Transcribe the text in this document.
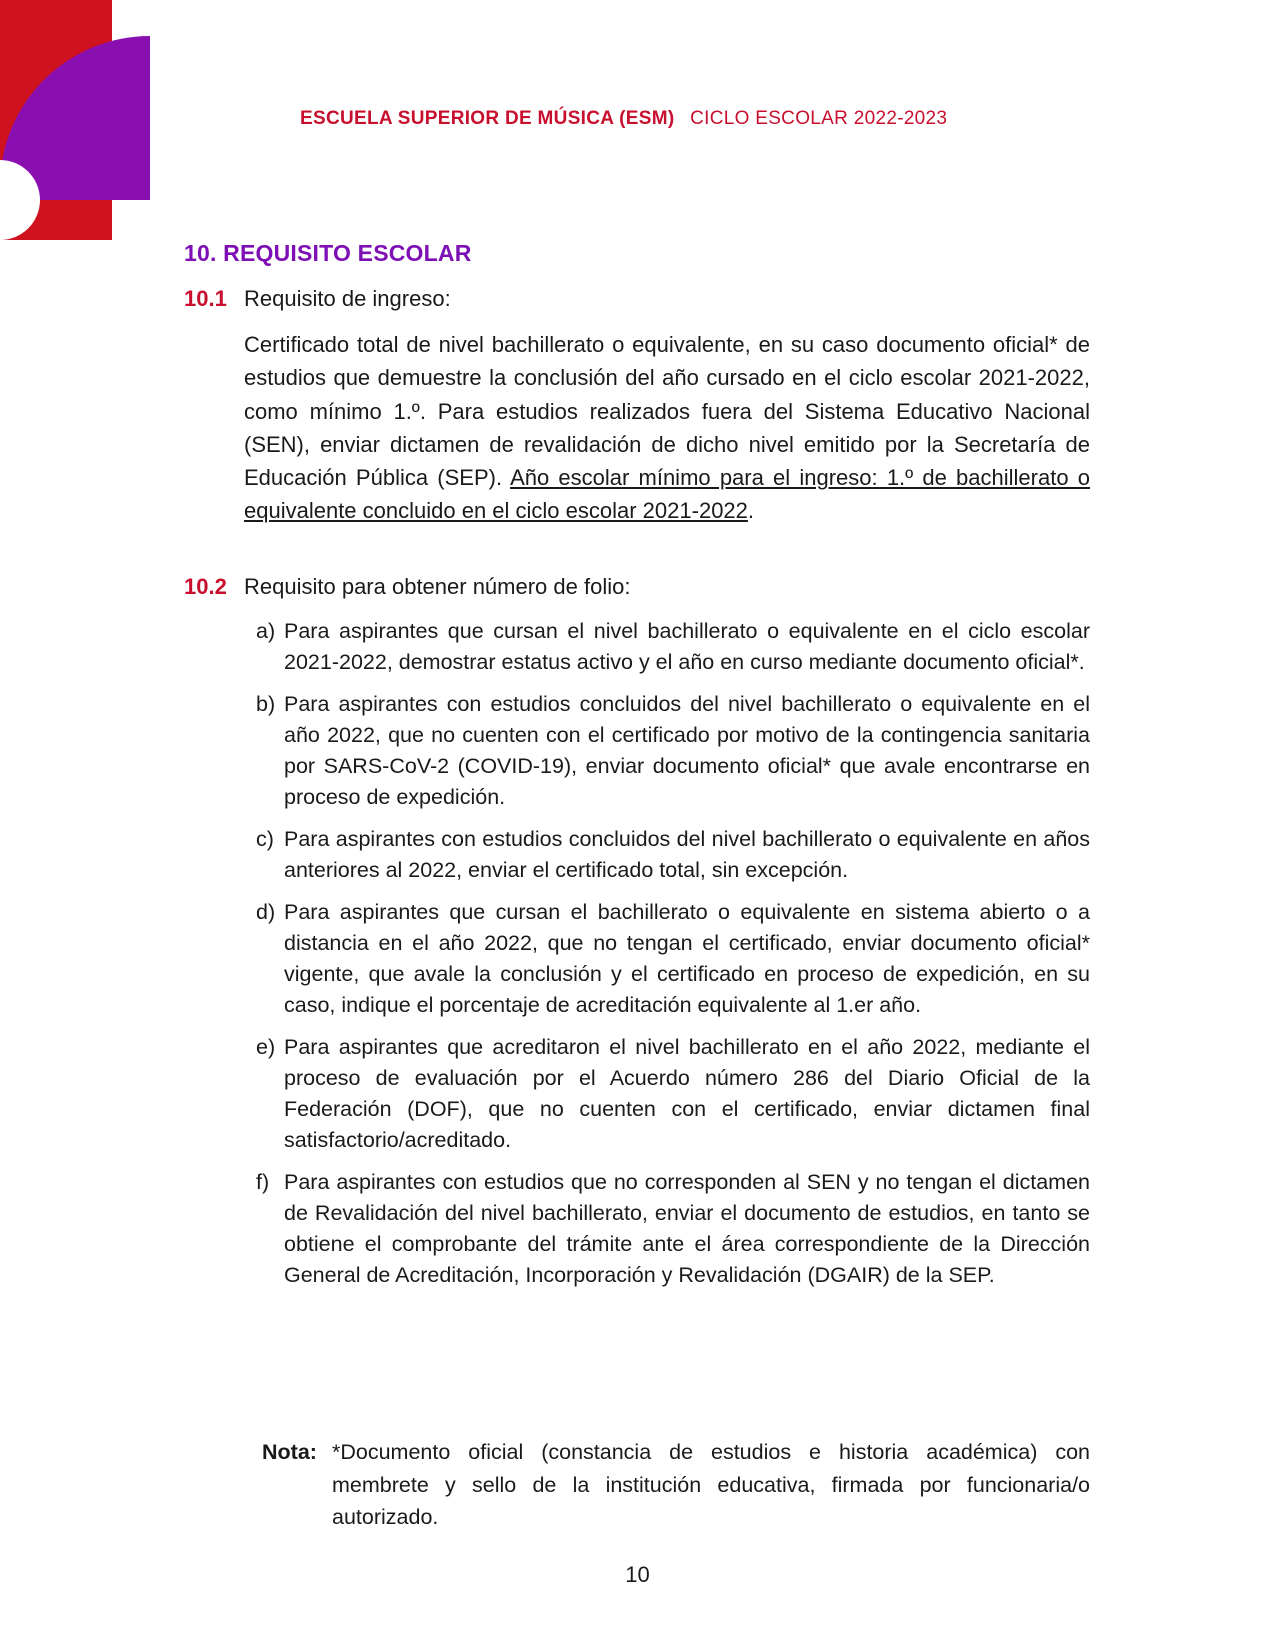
ESCUELA SUPERIOR DE MÚSICA (ESM) CICLO ESCOLAR 2022-2023
10. REQUISITO ESCOLAR
10.1 Requisito de ingreso:

Certificado total de nivel bachillerato o equivalente, en su caso documento oficial* de estudios que demuestre la conclusión del año cursado en el ciclo escolar 2021-2022, como mínimo 1.º. Para estudios realizados fuera del Sistema Educativo Nacional (SEN), enviar dictamen de revalidación de dicho nivel emitido por la Secretaría de Educación Pública (SEP). Año escolar mínimo para el ingreso: 1.º de bachillerato o equivalente concluido en el ciclo escolar 2021-2022.

10.2 Requisito para obtener número de folio:
a) Para aspirantes que cursan el nivel bachillerato o equivalente en el ciclo escolar 2021-2022, demostrar estatus activo y el año en curso mediante documento oficial*.
b) Para aspirantes con estudios concluidos del nivel bachillerato o equivalente en el año 2022, que no cuenten con el certificado por motivo de la contingencia sanitaria por SARS-CoV-2 (COVID-19), enviar documento oficial* que avale encontrarse en proceso de expedición.
c) Para aspirantes con estudios concluidos del nivel bachillerato o equivalente en años anteriores al 2022, enviar el certificado total, sin excepción.
d) Para aspirantes que cursan el bachillerato o equivalente en sistema abierto o a distancia en el año 2022, que no tengan el certificado, enviar documento oficial* vigente, que avale la conclusión y el certificado en proceso de expedición, en su caso, indique el porcentaje de acreditación equivalente al 1.er año.
e) Para aspirantes que acreditaron el nivel bachillerato en el año 2022, mediante el proceso de evaluación por el Acuerdo número 286 del Diario Oficial de la Federación (DOF), que no cuenten con el certificado, enviar dictamen final satisfactorio/acreditado.
f) Para aspirantes con estudios que no corresponden al SEN y no tengan el dictamen de Revalidación del nivel bachillerato, enviar el documento de estudios, en tanto se obtiene el comprobante del trámite ante el área correspondiente de la Dirección General de Acreditación, Incorporación y Revalidación (DGAIR) de la SEP.
Nota: *Documento oficial (constancia de estudios e historia académica) con membrete y sello de la institución educativa, firmada por funcionaria/o autorizado.
10
